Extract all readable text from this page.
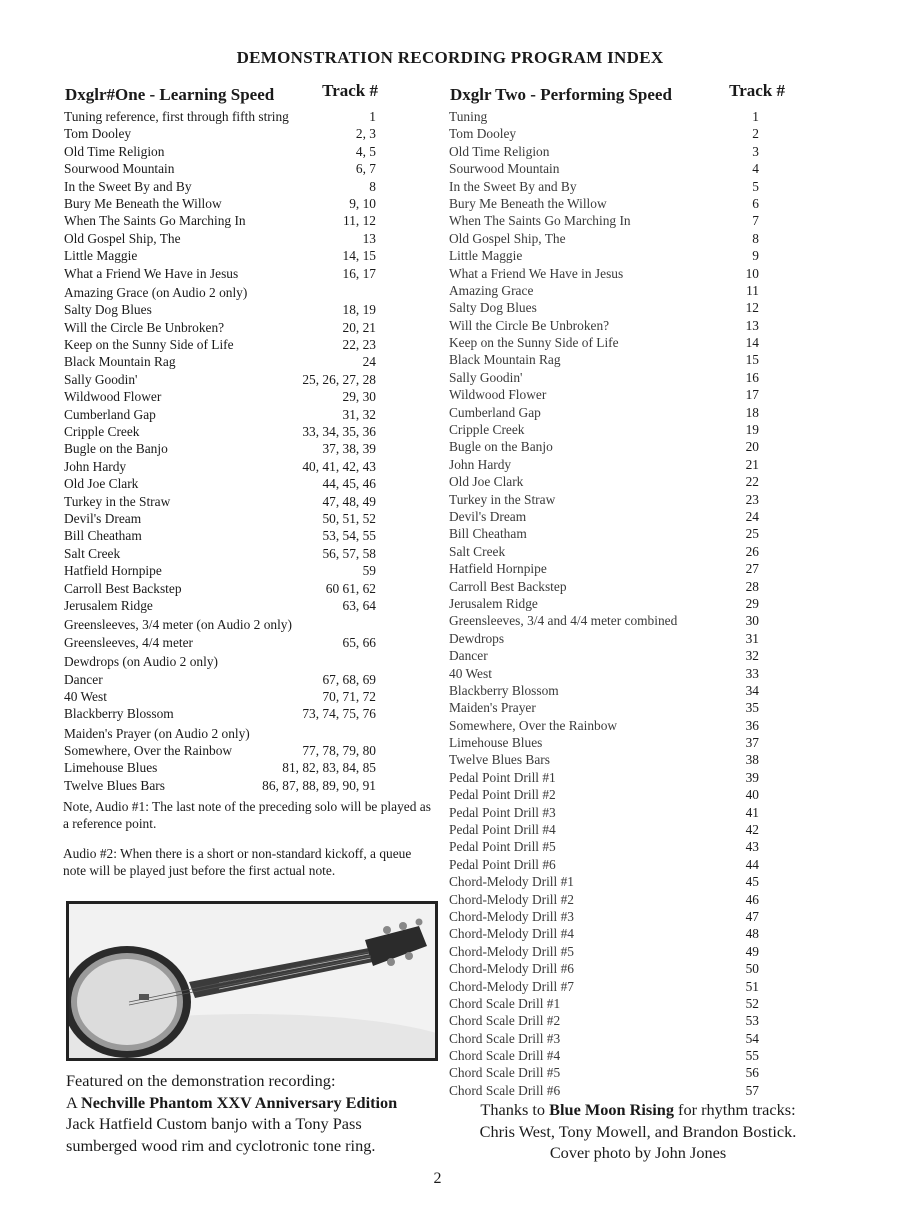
DEMONSTRATION RECORDING PROGRAM INDEX
Dxglr#One - Learning Speed	Track #
Tuning reference, first through fifth string	1
Tom Dooley	2, 3
Old Time Religion	4, 5
Sourwood Mountain	6, 7
In the Sweet By and By	8
Bury Me Beneath the Willow	9, 10
When The Saints Go Marching In	11, 12
Old Gospel Ship, The	13
Little Maggie	14, 15
What a Friend We Have in Jesus	16, 17
Amazing Grace (on Audio 2 only)
Salty Dog Blues	18, 19
Will the Circle Be Unbroken?	20, 21
Keep on the Sunny Side of Life	22, 23
Black Mountain Rag	24
Sally Goodin'	25, 26, 27, 28
Wildwood Flower	29, 30
Cumberland Gap	31, 32
Cripple Creek	33, 34, 35, 36
Bugle on the Banjo	37, 38, 39
John Hardy	40, 41, 42, 43
Old Joe Clark	44, 45, 46
Turkey in the Straw	47, 48, 49
Devil's Dream	50, 51, 52
Bill Cheatham	53, 54, 55
Salt Creek	56, 57, 58
Hatfield Hornpipe	59
Carroll Best Backstep	60 61, 62
Jerusalem Ridge	63, 64
Greensleeves, 3/4 meter (on Audio 2 only)
Greensleeves, 4/4 meter	65, 66
Dewdrops (on Audio 2 only)
Dancer	67, 68, 69
40 West	70, 71, 72
Blackberry Blossom	73, 74, 75, 76
Maiden's Prayer (on Audio 2 only)
Somewhere, Over the Rainbow	77, 78, 79, 80
Limehouse Blues	81, 82, 83, 84, 85
Twelve Blues Bars	86, 87, 88, 89, 90, 91
Dxglr Two - Performing Speed	Track #
Tuning	1
Tom Dooley	2
Old Time Religion	3
Sourwood Mountain	4
In the Sweet By and By	5
Bury Me Beneath the Willow	6
When The Saints Go Marching In	7
Old Gospel Ship, The	8
Little Maggie	9
What a Friend We Have in Jesus	10
Amazing Grace	11
Salty Dog Blues	12
Will the Circle Be Unbroken?	13
Keep on the Sunny Side of Life	14
Black Mountain Rag	15
Sally Goodin'	16
Wildwood Flower	17
Cumberland Gap	18
Cripple Creek	19
Bugle on the Banjo	20
John Hardy	21
Old Joe Clark	22
Turkey in the Straw	23
Devil's Dream	24
Bill Cheatham	25
Salt Creek	26
Hatfield Hornpipe	27
Carroll Best Backstep	28
Jerusalem Ridge	29
Greensleeves, 3/4 and 4/4 meter combined	30
Dewdrops	31
Dancer	32
40 West	33
Blackberry Blossom	34
Maiden's Prayer	35
Somewhere, Over the Rainbow	36
Limehouse Blues	37
Twelve Blues Bars	38
Pedal Point Drill #1	39
Pedal Point Drill #2	40
Pedal Point Drill #3	41
Pedal Point Drill #4	42
Pedal Point Drill #5	43
Pedal Point Drill #6	44
Chord-Melody Drill #1	45
Chord-Melody Drill #2	46
Chord-Melody Drill #3	47
Chord-Melody Drill #4	48
Chord-Melody Drill #5	49
Chord-Melody Drill #6	50
Chord-Melody Drill #7	51
Chord Scale Drill #1	52
Chord Scale Drill #2	53
Chord Scale Drill #3	54
Chord Scale Drill #4	55
Chord Scale Drill #5	56
Chord Scale Drill #6	57
Note, Audio #1: The last note of the preceding solo will be played as a reference point.
Audio #2: When there is a short or non-standard kickoff, a queue note will be played just before the first actual note.
Featured on the demonstration recording:
A Nechville Phantom XXV Anniversary Edition
Jack Hatfield Custom banjo with a Tony Pass
sumberged wood rim and cyclotronic tone ring.
Thanks to Blue Moon Rising for rhythm tracks:
Chris West, Tony Mowell, and Brandon Bostick.
Cover photo by John Jones
2
